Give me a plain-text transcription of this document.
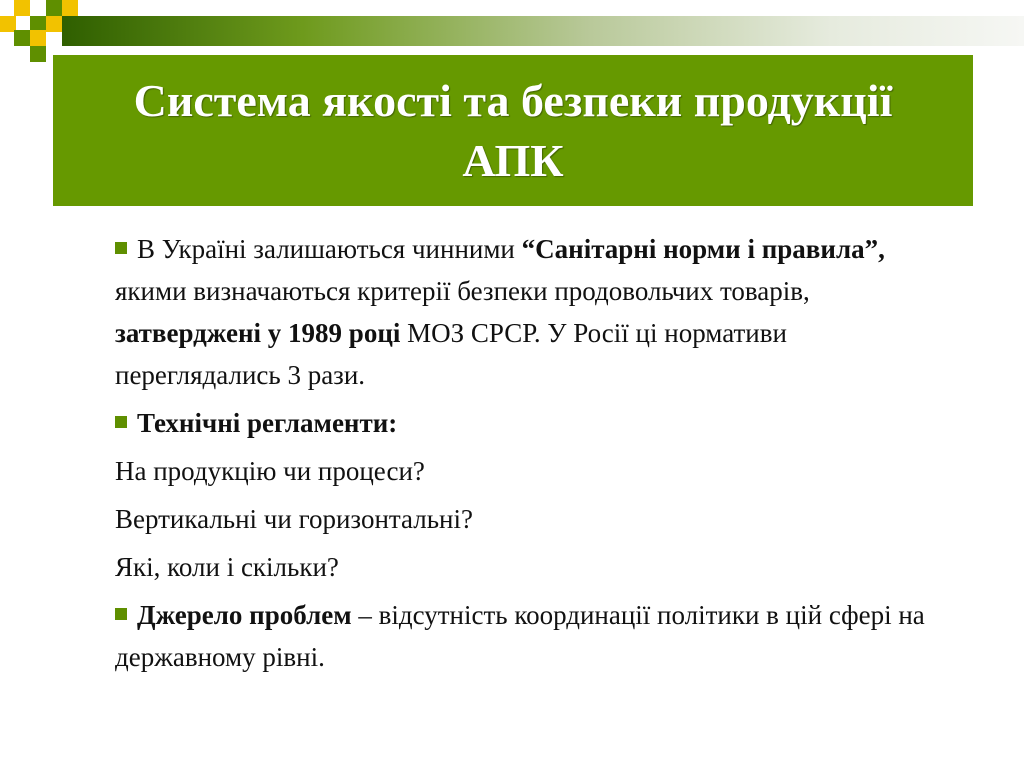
Система якості та безпеки продукції АПК

В Україні залишаються чинними “Санітарні норми і правила”, якими визначаються критерії безпеки продовольчих товарів, затверджені у 1989 році МОЗ СРСР. У Росії ці нормативи переглядались 3 рази.

Технічні регламенти:

На продукцію чи процеси?

Вертикальні чи горизонтальні?

Які, коли і скільки?

Джерело проблем – відсутність координації політики в цій сфері на державному рівні.
